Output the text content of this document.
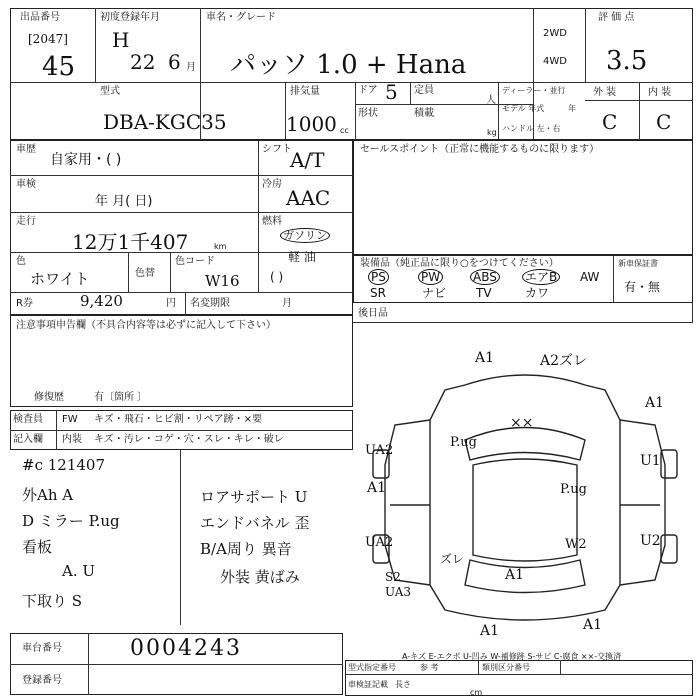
出品番号
[2047]
45
初度登録年月
H
22 6 月
車名・グレード
パッソ 1.0 + Hana
2WD
4WD
評 価 点
3.5
外 装	内 装
C C
型式
DBA-KGC35
排気量
1000 cc
ドア 5 定員
人
形状	積載
kg
ディーラー・並行
モデル 年式	年
ハンドル 左・右
車歴
自家用・( )
シフト
A/T
車検
年 月( 日)
冷房
AAC
走行
12万1千407	km
燃料
ガソリン
軽 油
( )
色
ホワイト	色替
色コード
W16
R券	9,420	円 名変期限	月
セールスポイント（正常に機能するものに限ります）
装備品（純正品に限り○をつけてください）	新車保証書
有・無
PS	PW	ABS エアB AW
SR	ナビ TV	カワ
後日品
注意事項申告欄（不具合内容等は必ずに記入して下さい）
修復歴	有〔箇所 〕
検査員
記入欄
FW キズ・飛石・ヒビ割・リペア跡・×要
内装 キズ・汚レ・コゲ・穴・スレ・キレ・破レ
#c 121407
外Ah A
D ミラー P.ug
看板
A. U
下取り S
ロアサポート U
エンドバネル 歪
B/A周り 異音
外装 黄ばみ
A1	A2ズレ
A1
××
P.ug
UA2
U1
A1	P.ug
UA2
ズレ
W2	U2
S2
UA3
A1
A1	A1
A-キズ E-エクボ U-凹み W-補修跡 S-サビ C-腐食 ××-交換済
車台番号	0004243
登録番号
型式指定番号	参 考	類別区分番号
車検証記載 長さ
cm
